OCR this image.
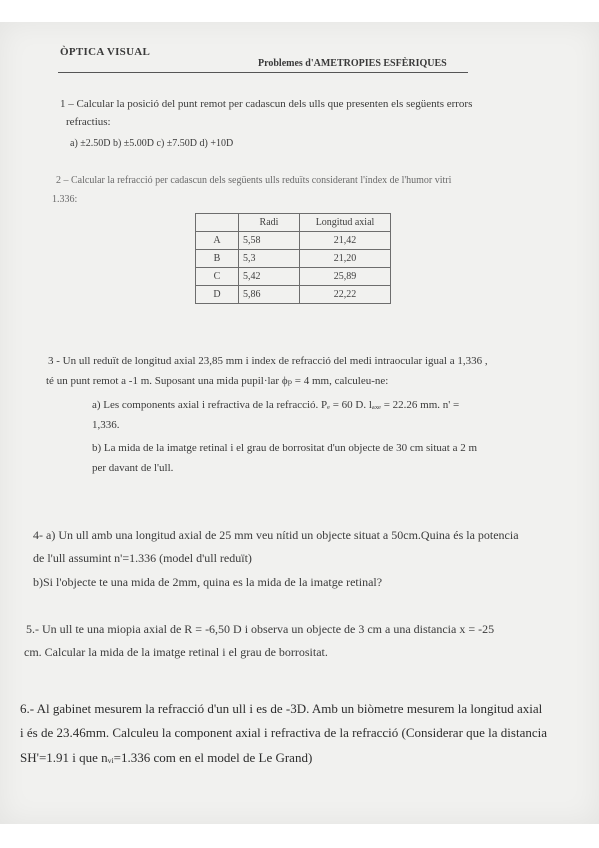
ÒPTICA VISUAL
Problemes d'AMETROPIES ESFÈRIQUES
1 – Calcular la posició del punt remot per cadascun dels ulls que presenten els següents errors
refractius:
a) ±2.50D b) ±5.00D c) ±7.50D d) +10D
2 – Calcular la refracció per cadascun dels següents ulls reduïts considerant l'índex de l'humor vitri
1.336:
	Radi	Longitud axial
A	5,58	21,42
B	5,3	21,20
C	5,42	25,89
D	5,86	22,22
3 - Un ull reduït de longitud axial 23,85 mm i index de refracció del medi intraocular igual a 1,336 ,
té un punt remot a -1 m. Suposant una mida pupil·lar ϕₚ = 4 mm, calculeu-ne:
a) Les components axial i refractiva de la refracció. Pₑ = 60 D. lₐₓₑ = 22.26 mm. n' =
1,336.
b) La mida de la imatge retinal i el grau de borrositat d'un objecte de 30 cm situat a 2 m
per davant de l'ull.
4- a) Un ull amb una longitud axial de 25 mm veu nítid un objecte situat a 50cm.Quina és la potencia
de l'ull assumint n'=1.336 (model d'ull reduït)
b)Si l'objecte te una mida de 2mm, quina es la mida de la imatge retinal?
5.- Un ull te una miopia axial de R = -6,50 D i observa un objecte de 3 cm a una distancia x = -25
cm. Calcular la mida de la imatge retinal i el grau de borrositat.
6.- Al gabinet mesurem la refracció d'un ull i es de -3D. Amb un biòmetre mesurem la longitud axial
i és de 23.46mm. Calculeu la component axial i refractiva de la refracció (Considerar que la distancia
SH'=1.91 i que nᵥᵢ=1.336 com en el model de Le Grand)
